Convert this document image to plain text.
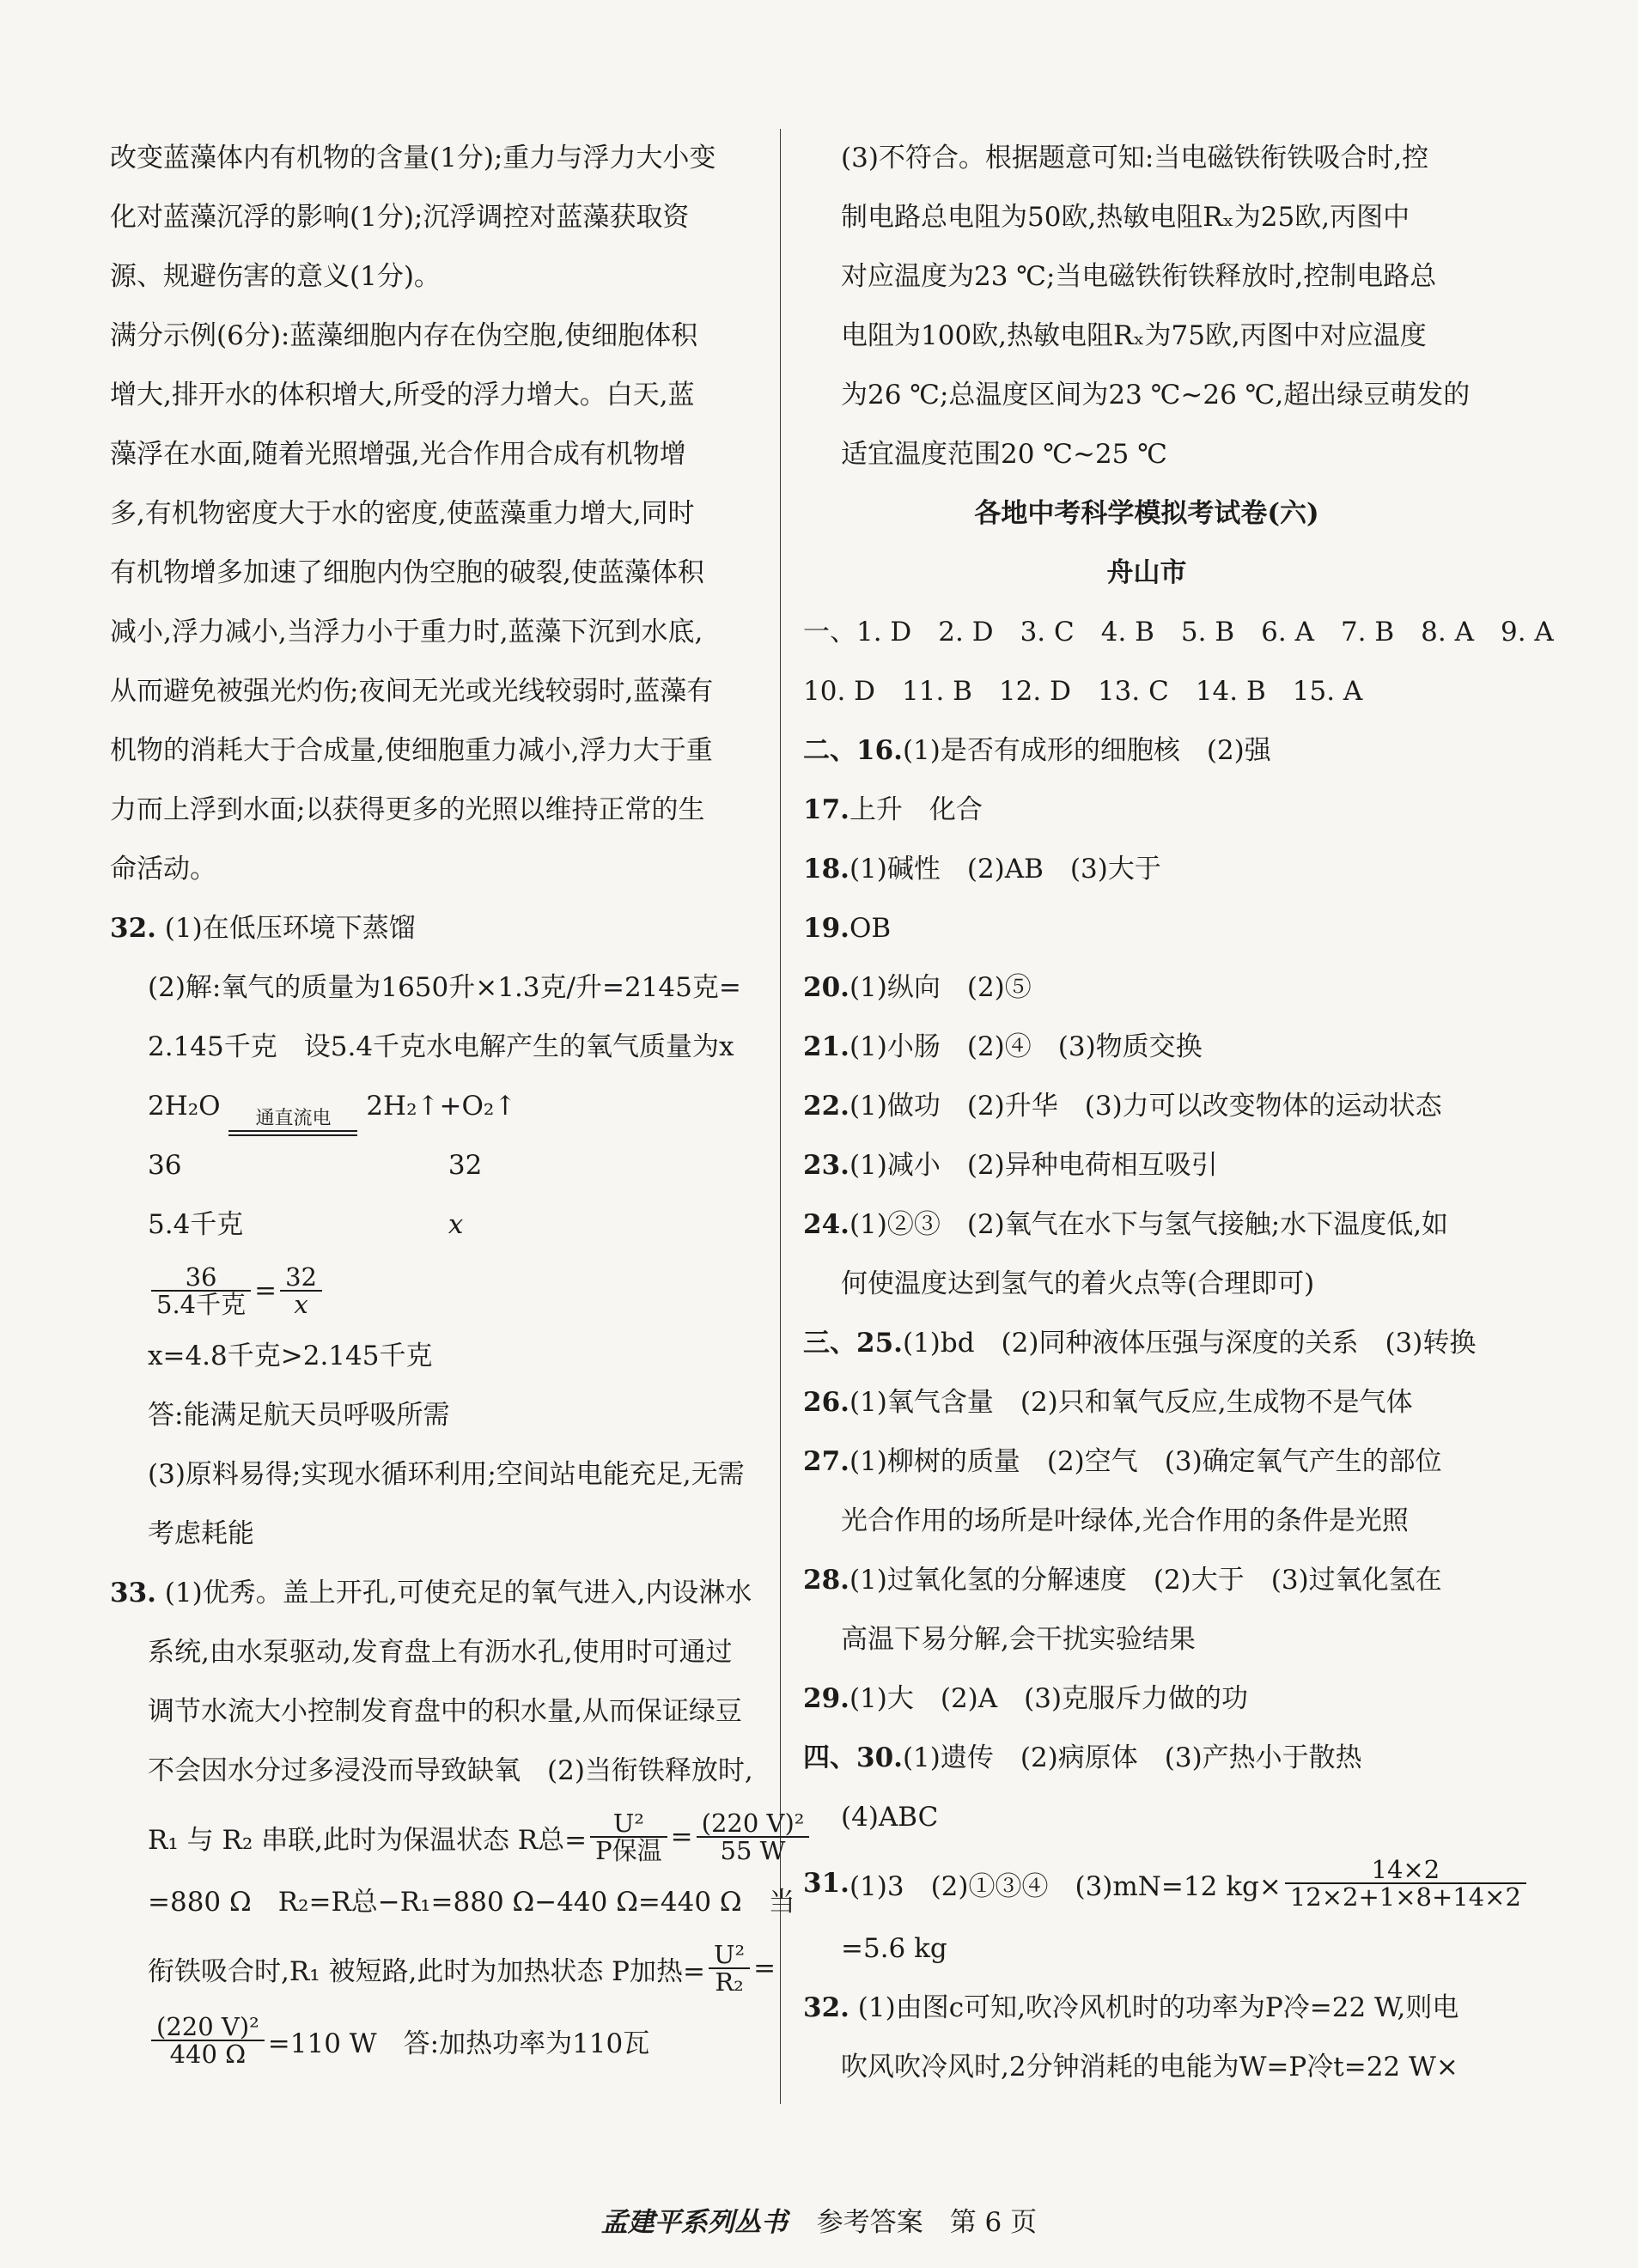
改变蓝藻体内有机物的含量(1分);重力与浮力大小变
化对蓝藻沉浮的影响(1分);沉浮调控对蓝藻获取资
源、规避伤害的意义(1分)。
满分示例(6分):蓝藻细胞内存在伪空胞,使细胞体积
增大,排开水的体积增大,所受的浮力增大。白天,蓝
藻浮在水面,随着光照增强,光合作用合成有机物增
多,有机物密度大于水的密度,使蓝藻重力增大,同时
有机物增多加速了细胞内伪空胞的破裂,使蓝藻体积
减小,浮力减小,当浮力小于重力时,蓝藻下沉到水底,
从而避免被强光灼伤;夜间无光或光线较弱时,蓝藻有
机物的消耗大于合成量,使细胞重力减小,浮力大于重
力而上浮到水面;以获得更多的光照以维持正常的生
命活动。
32. (1)在低压环境下蒸馏
(2)解:氧气的质量为1650升×1.3克/升=2145克=
2.145千克　设5.4千克水电解产生的氧气质量为x
2H₂O	通直流电	2H₂↑+O₂↑
36	32
5.4千克	x
$\frac{36}{\text{5.4千克}} = \frac{32}{x}$
x=4.8千克>2.145千克
答:能满足航天员呼吸所需
(3)原料易得;实现水循环利用;空间站电能充足,无需
考虑耗能
33. (1)优秀。盖上开孔,可使充足的氧气进入,内设淋水
系统,由水泵驱动,发育盘上有沥水孔,使用时可通过
调节水流大小控制发育盘中的积水量,从而保证绿豆
不会因水分过多浸没而导致缺氧　(2)当衔铁释放时,
R₁ 与 R₂ 串联,此时为保温状态 R总= $\frac{\text{U²}}{\text{P保温}} = \frac{\text{(220 V)²}}{55 W}$
=880 Ω　R₂=R总−R₁=880 Ω−440 Ω=440 Ω　当
衔铁吸合时,R₁ 被短路,此时为加热状态 P加热= $\frac{\text{U²}}{\text{R₂}}$ =
$\frac{\text{(220 V)²}}{440 \Omega} =110$ W　答:加热功率为110瓦
(3)不符合。根据题意可知:当电磁铁衔铁吸合时,控
制电路总电阻为50欧,热敏电阻Rₓ为25欧,丙图中
对应温度为23 ℃;当电磁铁衔铁释放时,控制电路总
电阻为100欧,热敏电阻Rₓ为75欧,丙图中对应温度
为26 ℃;总温度区间为23 ℃~26 ℃,超出绿豆萌发的
适宜温度范围20 ℃~25 ℃
各地中考科学模拟考试卷(六)
舟山市
一、1. D　2. D　3. C　4. B　5. B　6. A　7. B　8. A　9. A
10. D　11. B　12. D　13. C　14. B　15. A
二、16.(1)是否有成形的细胞核　(2)强
17.上升　化合
18.(1)碱性　(2)AB　(3)大于
19.OB
20.(1)纵向　(2)⑤
21.(1)小肠　(2)④　(3)物质交换
22.(1)做功　(2)升华　(3)力可以改变物体的运动状态
23.(1)减小　(2)异种电荷相互吸引
24.(1)②③　(2)氧气在水下与氢气接触;水下温度低,如
何使温度达到氢气的着火点等(合理即可)
三、25.(1)bd　(2)同种液体压强与深度的关系　(3)转换
26.(1)氧气含量　(2)只和氧气反应,生成物不是气体
27.(1)柳树的质量　(2)空气　(3)确定氧气产生的部位
光合作用的场所是叶绿体,光合作用的条件是光照
28.(1)过氧化氢的分解速度　(2)大于　(3)过氧化氢在
高温下易分解,会干扰实验结果
29.(1)大　(2)A　(3)克服斥力做的功
四、30.(1)遗传　(2)病原体　(3)产热小于散热
(4)ABC
31. (1)3　(2)①③④　(3)mN=12 $kg\times \frac{14\times 2}{12\times 2+1\times 8+14\times 2}$
=5.6 kg
32. (1)由图c可知,吹冷风机时的功率为P冷=22 W,则电
吹风吹冷风时,2分钟消耗的电能为W=P冷t=22 W×
孟建平系列丛书 参考答案　第 6 页
